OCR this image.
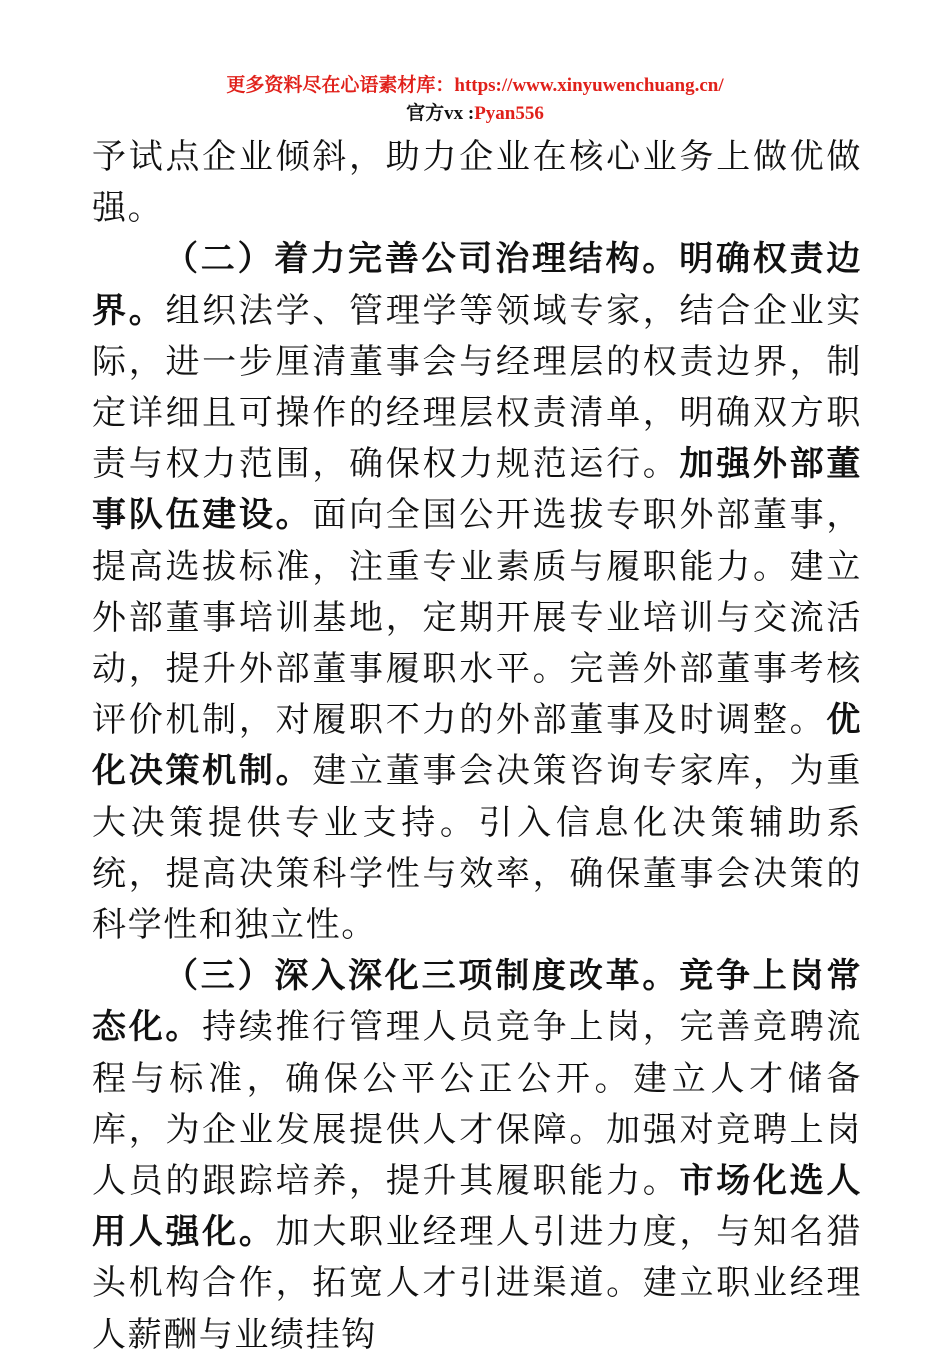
更多资料尽在心语素材库：https://www.xinyuwenchuang.cn/
官方vx :Pyan556

予试点企业倾斜，助力企业在核心业务上做优做强。

（二）着力完善公司治理结构。明确权责边界。组织法学、管理学等领域专家，结合企业实际，进一步厘清董事会与经理层的权责边界，制定详细且可操作的经理层权责清单，明确双方职责与权力范围，确保权力规范运行。加强外部董事队伍建设。面向全国公开选拔专职外部董事，提高选拔标准，注重专业素质与履职能力。建立外部董事培训基地，定期开展专业培训与交流活动，提升外部董事履职水平。完善外部董事考核评价机制，对履职不力的外部董事及时调整。优化决策机制。建立董事会决策咨询专家库，为重大决策提供专业支持。引入信息化决策辅助系统，提高决策科学性与效率，确保董事会决策的科学性和独立性。

（三）深入深化三项制度改革。竞争上岗常态化。持续推行管理人员竞争上岗，完善竞聘流程与标准，确保公平公正公开。建立人才储备库，为企业发展提供人才保障。加强对竞聘上岗人员的跟踪培养，提升其履职能力。市场化选人用人强化。加大职业经理人引进力度，与知名猎头机构合作，拓宽人才引进渠道。建立职业经理人薪酬与业绩挂钩
